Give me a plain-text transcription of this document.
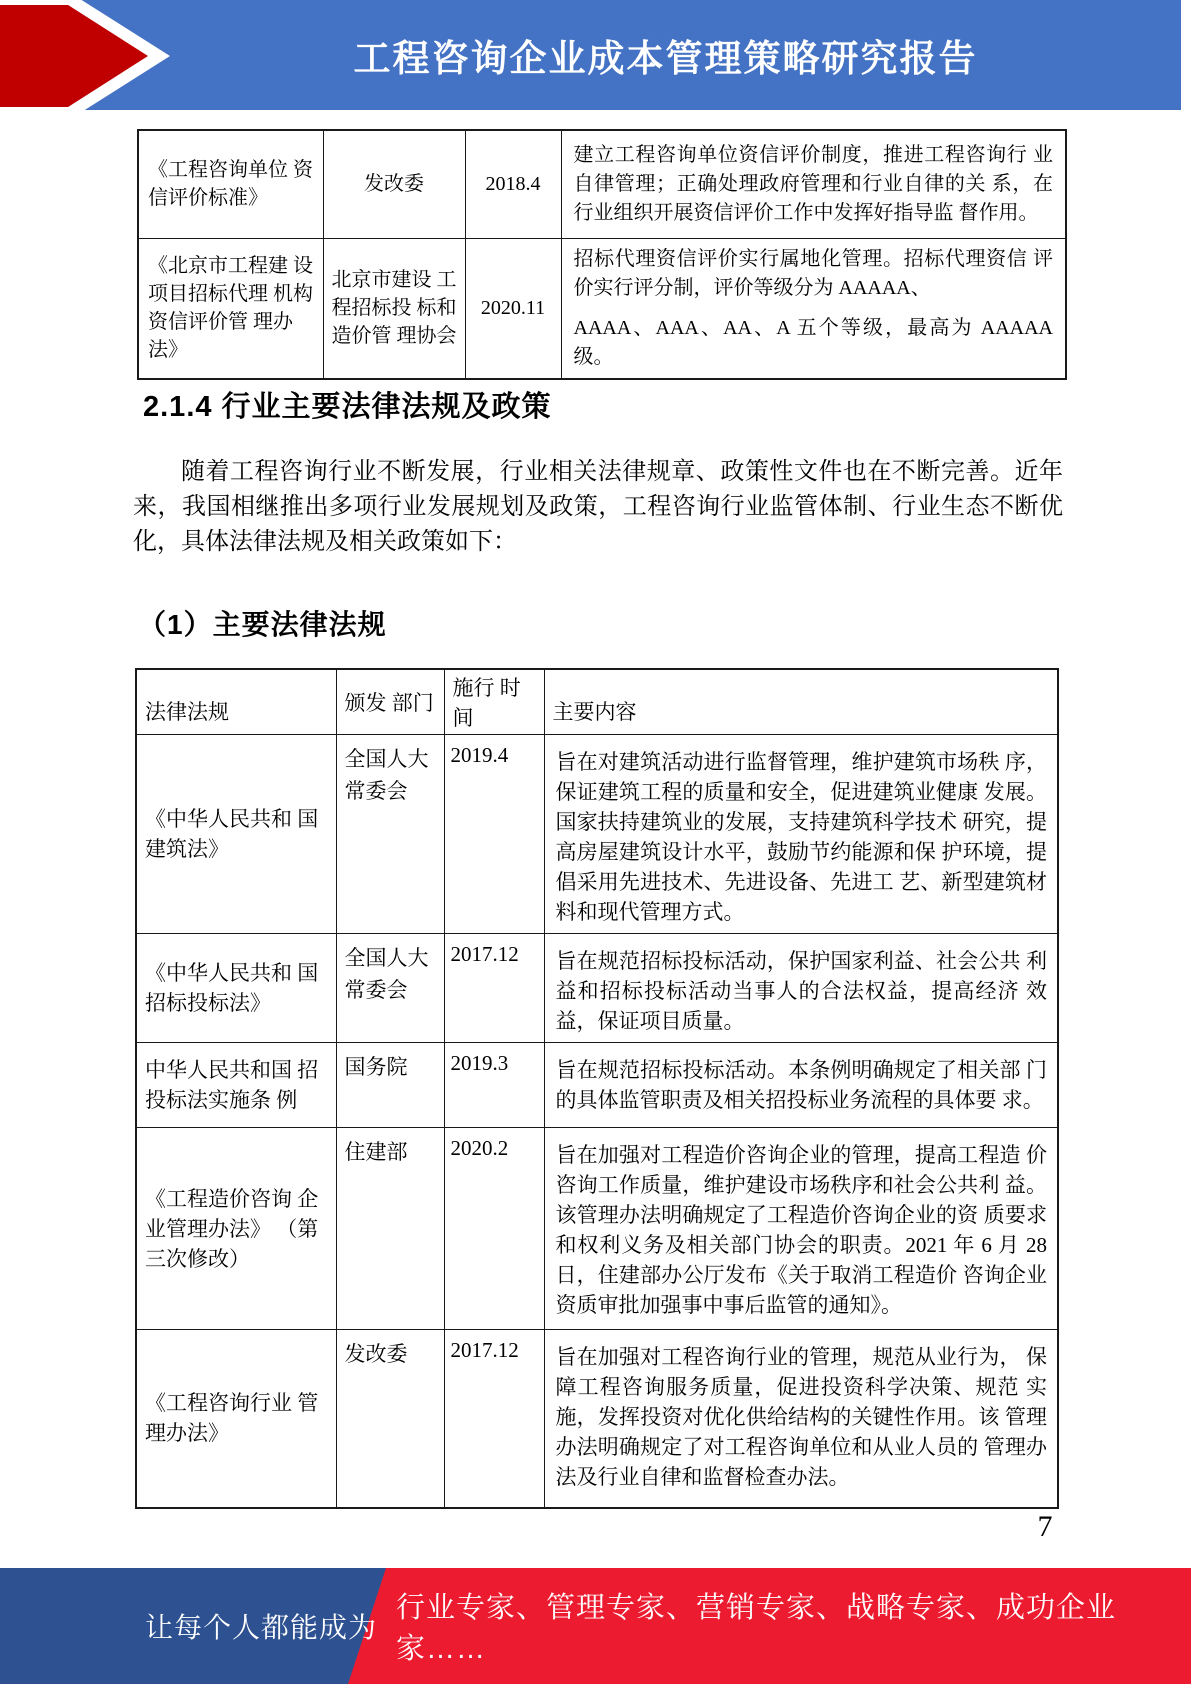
工程咨询企业成本管理策略研究报告
《工程咨询单位 资信评价标准》	发改委	2018.4	建立工程咨询单位资信评价制度，推进工程咨询行 业自律管理；正确处理政府管理和行业自律的关 系，在行业组织开展资信评价工作中发挥好指导监 督作用。
《北京市工程建 设项目招标代理 机构资信评价管 理办法》	北京市建设 工程招标投 标和造价管 理协会	2020.11	招标代理资信评价实行属地化管理。招标代理资信 评价实行评分制，评价等级分为 AAAAA、

AAAA、AAA、AA、A 五个等级，最高为 AAAAA 级。

2.1.4 行业主要法律法规及政策
随着工程咨询行业不断发展，行业相关法律规章、政策性文件也在不断完善。近年来，我国相继推出多项行业发展规划及政策，工程咨询行业监管体制、行业生态不断优化，具体法律法规及相关政策如下：
（1）主要法律法规
法律法规	颁发 部门	施行 时间	主要内容
《中华人民共和 国建筑法》	全国人大常委会	2019.4	旨在对建筑活动进行监督管理，维护建筑市场秩 序，保证建筑工程的质量和安全，促进建筑业健康 发展。国家扶持建筑业的发展，支持建筑科学技术 研究，提高房屋建筑设计水平，鼓励节约能源和保 护环境，提倡采用先进技术、先进设备、先进工 艺、新型建筑材料和现代管理方式。
《中华人民共和 国招标投标法》	全国人大常委会	2017.12	旨在规范招标投标活动，保护国家利益、社会公共 利益和招标投标活动当事人的合法权益，提高经济 效益，保证项目质量。
中华人民共和国 招投标法实施条 例	国务院	2019.3	旨在规范招标投标活动。本条例明确规定了相关部 门的具体监管职责及相关招投标业务流程的具体要 求。
《工程造价咨询 企业管理办法》 （第三次修改）	住建部	2020.2	旨在加强对工程造价咨询企业的管理，提高工程造 价咨询工作质量，维护建设市场秩序和社会公共利 益。该管理办法明确规定了工程造价咨询企业的资 质要求和权利义务及相关部门协会的职责。2021 年 6 月 28 日，住建部办公厅发布《关于取消工程造价 咨询企业资质审批加强事中事后监管的通知》。
《工程咨询行业 管理办法》	发改委	2017.12	旨在加强对工程咨询行业的管理，规范从业行为， 保障工程咨询服务质量，促进投资科学决策、规范 实施，发挥投资对优化供给结构的关键性作用。该 管理办法明确规定了对工程咨询单位和从业人员的 管理办法及行业自律和监督检查办法。
7
让每个人都能成为
行业专家、管理专家、营销专家、战略专家、成功企业家……
